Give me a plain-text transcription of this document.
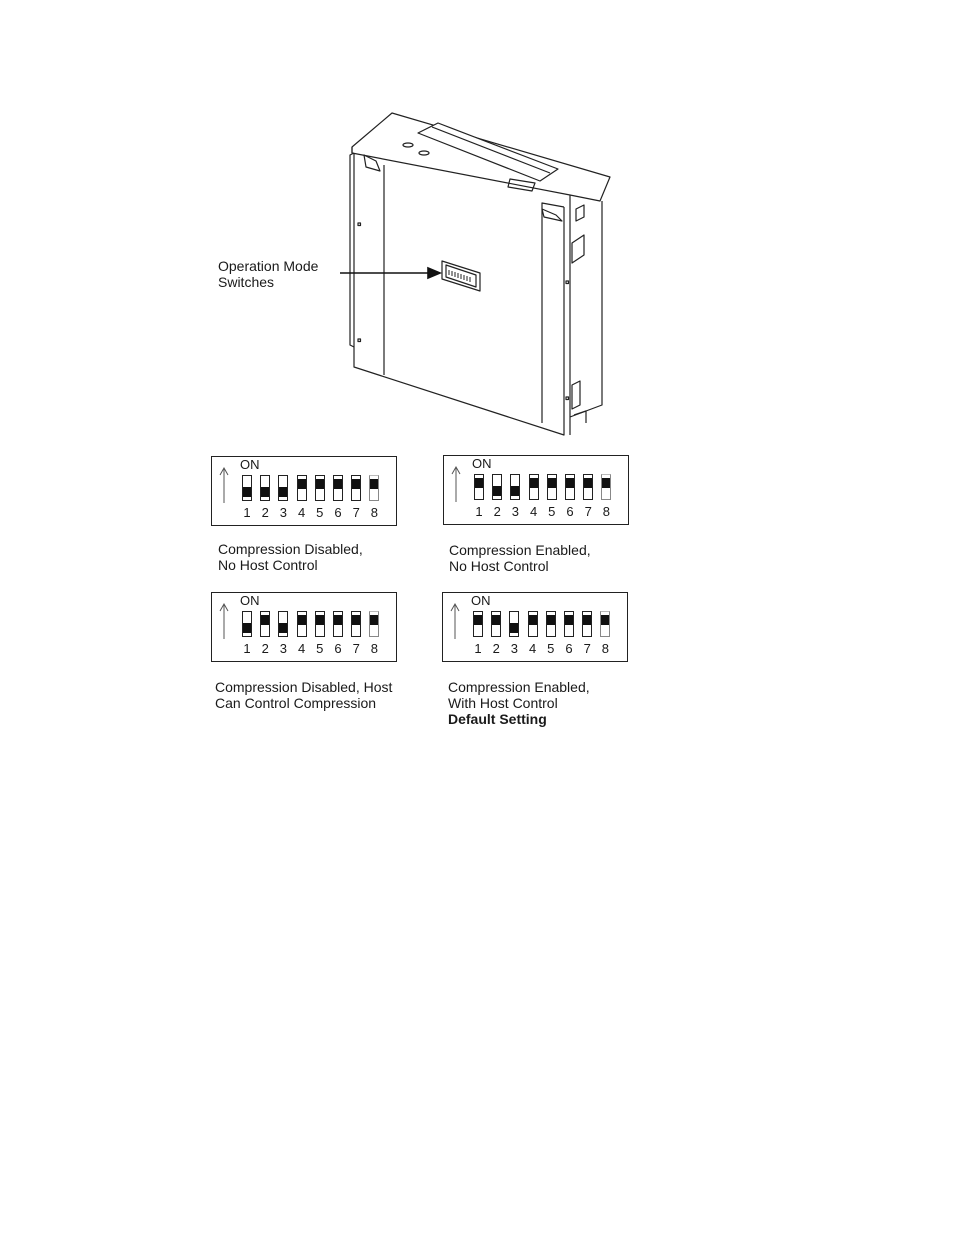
Operation Mode
Switches
ON
1 2 3 4 5 6 7 8
ON
1 2 3 4 5 6 7 8
ON
1 2 3 4 5 6 7 8
ON
1 2 3 4 5 6 7 8
Compression Disabled,
No Host Control
Compression Enabled,
No Host Control
Compression Disabled, Host
Can Control Compression
Compression Enabled,
With Host Control
Default Setting
